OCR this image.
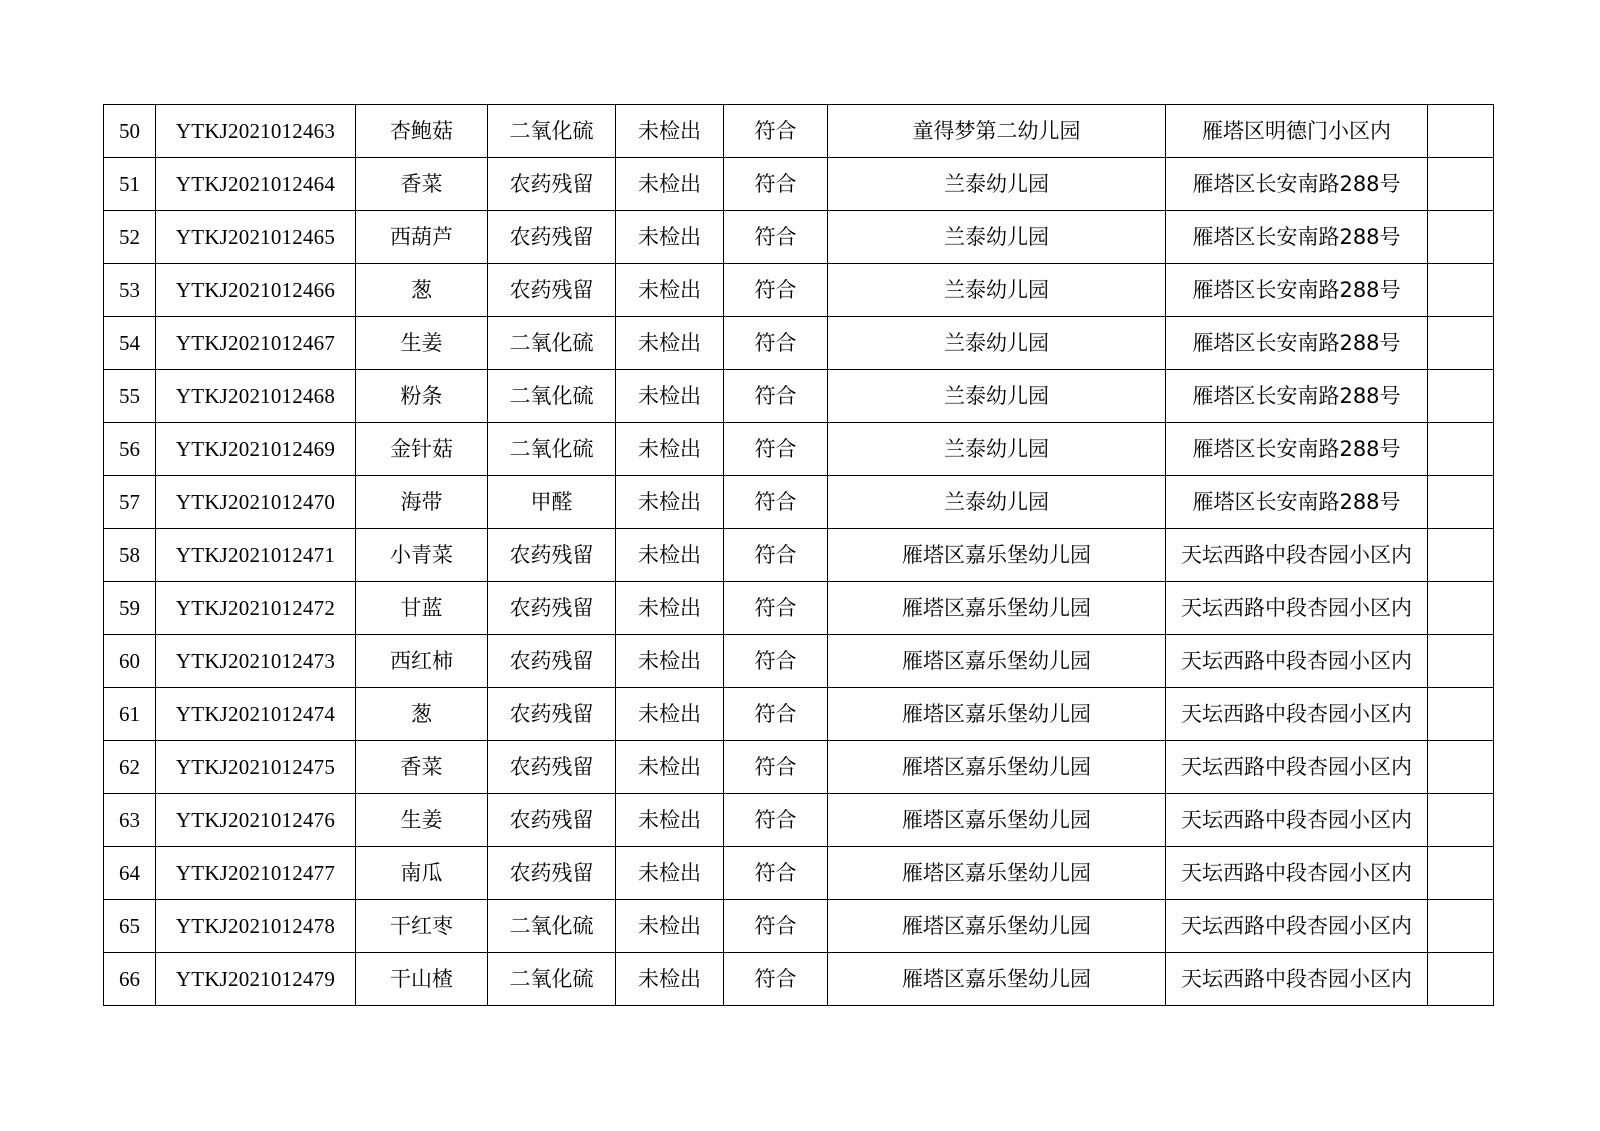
50	YTKJ2021012463	杏鲍菇	二氧化硫	未检出	符合	童得梦第二幼儿园	雁塔区明德门小区内	
51	YTKJ2021012464	香菜	农药残留	未检出	符合	兰泰幼儿园	雁塔区长安南路288号	
52	YTKJ2021012465	西葫芦	农药残留	未检出	符合	兰泰幼儿园	雁塔区长安南路288号	
53	YTKJ2021012466	葱	农药残留	未检出	符合	兰泰幼儿园	雁塔区长安南路288号	
54	YTKJ2021012467	生姜	二氧化硫	未检出	符合	兰泰幼儿园	雁塔区长安南路288号	
55	YTKJ2021012468	粉条	二氧化硫	未检出	符合	兰泰幼儿园	雁塔区长安南路288号	
56	YTKJ2021012469	金针菇	二氧化硫	未检出	符合	兰泰幼儿园	雁塔区长安南路288号	
57	YTKJ2021012470	海带	甲醛	未检出	符合	兰泰幼儿园	雁塔区长安南路288号	
58	YTKJ2021012471	小青菜	农药残留	未检出	符合	雁塔区嘉乐堡幼儿园	天坛西路中段杏园小区内	
59	YTKJ2021012472	甘蓝	农药残留	未检出	符合	雁塔区嘉乐堡幼儿园	天坛西路中段杏园小区内	
60	YTKJ2021012473	西红柿	农药残留	未检出	符合	雁塔区嘉乐堡幼儿园	天坛西路中段杏园小区内	
61	YTKJ2021012474	葱	农药残留	未检出	符合	雁塔区嘉乐堡幼儿园	天坛西路中段杏园小区内	
62	YTKJ2021012475	香菜	农药残留	未检出	符合	雁塔区嘉乐堡幼儿园	天坛西路中段杏园小区内	
63	YTKJ2021012476	生姜	农药残留	未检出	符合	雁塔区嘉乐堡幼儿园	天坛西路中段杏园小区内	
64	YTKJ2021012477	南瓜	农药残留	未检出	符合	雁塔区嘉乐堡幼儿园	天坛西路中段杏园小区内	
65	YTKJ2021012478	干红枣	二氧化硫	未检出	符合	雁塔区嘉乐堡幼儿园	天坛西路中段杏园小区内	
66	YTKJ2021012479	干山楂	二氧化硫	未检出	符合	雁塔区嘉乐堡幼儿园	天坛西路中段杏园小区内	
